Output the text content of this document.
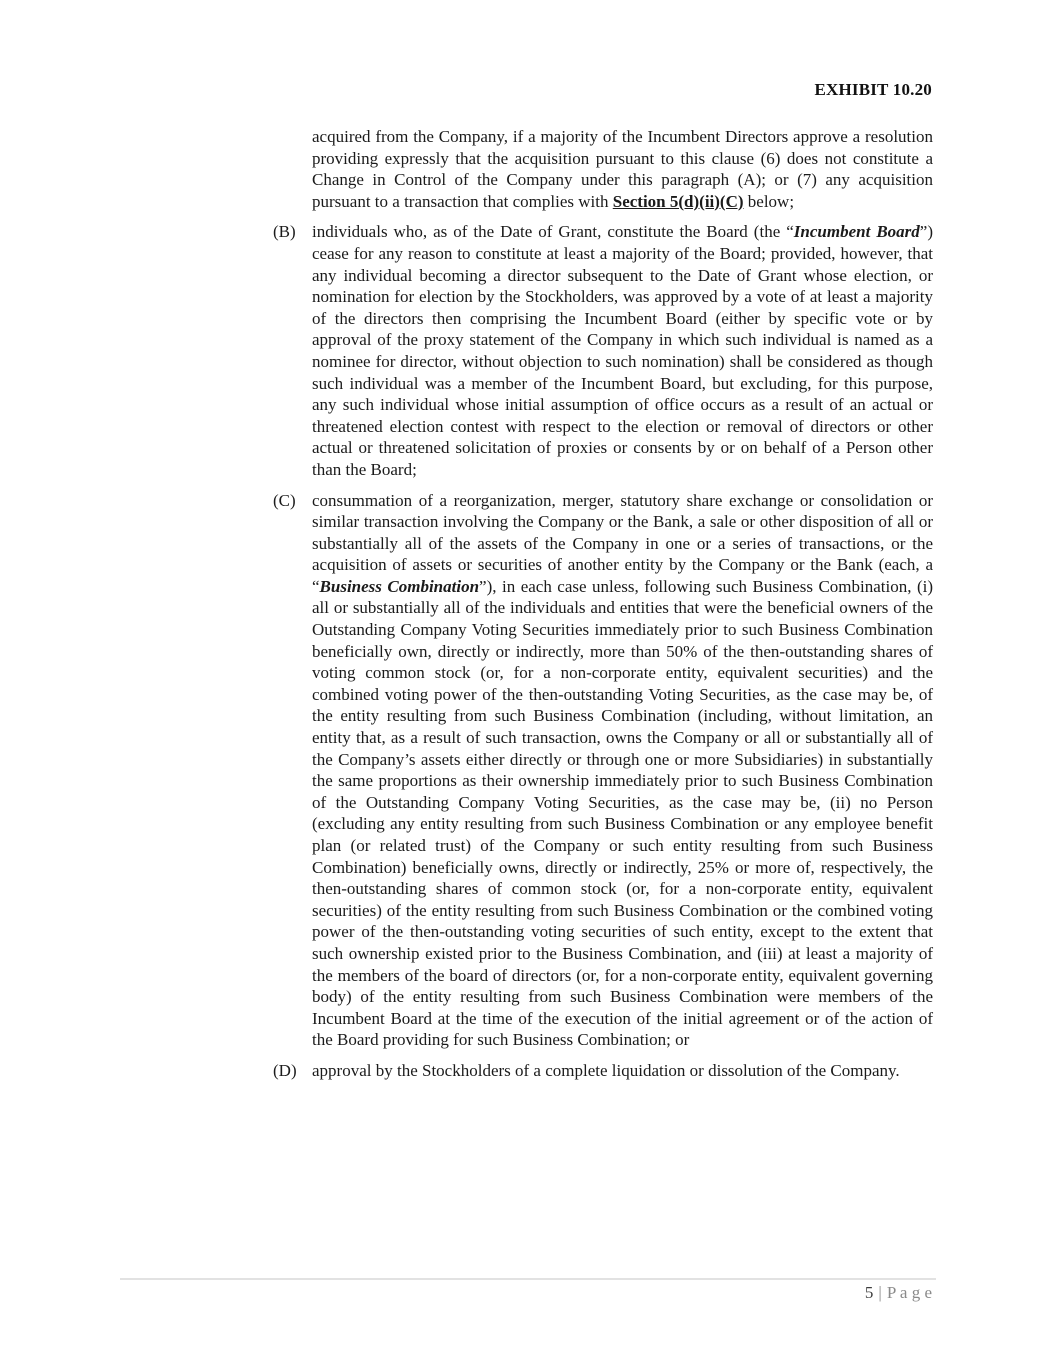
EXHIBIT 10.20

acquired from the Company, if a majority of the Incumbent Directors approve a resolution providing expressly that the acquisition pursuant to this clause (6) does not constitute a Change in Control of the Company under this paragraph (A); or (7) any acquisition pursuant to a transaction that complies with Section 5(d)(ii)(C) below;

(B) individuals who, as of the Date of Grant, constitute the Board (the “Incumbent Board”) cease for any reason to constitute at least a majority of the Board; provided, however, that any individual becoming a director subsequent to the Date of Grant whose election, or nomination for election by the Stockholders, was approved by a vote of at least a majority of the directors then comprising the Incumbent Board (either by specific vote or by approval of the proxy statement of the Company in which such individual is named as a nominee for director, without objection to such nomination) shall be considered as though such individual was a member of the Incumbent Board, but excluding, for this purpose, any such individual whose initial assumption of office occurs as a result of an actual or threatened election contest with respect to the election or removal of directors or other actual or threatened solicitation of proxies or consents by or on behalf of a Person other than the Board;

(C) consummation of a reorganization, merger, statutory share exchange or consolidation or similar transaction involving the Company or the Bank, a sale or other disposition of all or substantially all of the assets of the Company in one or a series of transactions, or the acquisition of assets or securities of another entity by the Company or the Bank (each, a “Business Combination”), in each case unless, following such Business Combination, (i) all or substantially all of the individuals and entities that were the beneficial owners of the Outstanding Company Voting Securities immediately prior to such Business Combination beneficially own, directly or indirectly, more than 50% of the then-outstanding shares of voting common stock (or, for a non-corporate entity, equivalent securities) and the combined voting power of the then-outstanding Voting Securities, as the case may be, of the entity resulting from such Business Combination (including, without limitation, an entity that, as a result of such transaction, owns the Company or all or substantially all of the Company’s assets either directly or through one or more Subsidiaries) in substantially the same proportions as their ownership immediately prior to such Business Combination of the Outstanding Company Voting Securities, as the case may be, (ii) no Person (excluding any entity resulting from such Business Combination or any employee benefit plan (or related trust) of the Company or such entity resulting from such Business Combination) beneficially owns, directly or indirectly, 25% or more of, respectively, the then-outstanding shares of common stock (or, for a non-corporate entity, equivalent securities) of the entity resulting from such Business Combination or the combined voting power of the then-outstanding voting securities of such entity, except to the extent that such ownership existed prior to the Business Combination, and (iii) at least a majority of the members of the board of directors (or, for a non-corporate entity, equivalent governing body) of the entity resulting from such Business Combination were members of the Incumbent Board at the time of the execution of the initial agreement or of the action of the Board providing for such Business Combination; or

(D) approval by the Stockholders of a complete liquidation or dissolution of the Company.

5 | P a g e
